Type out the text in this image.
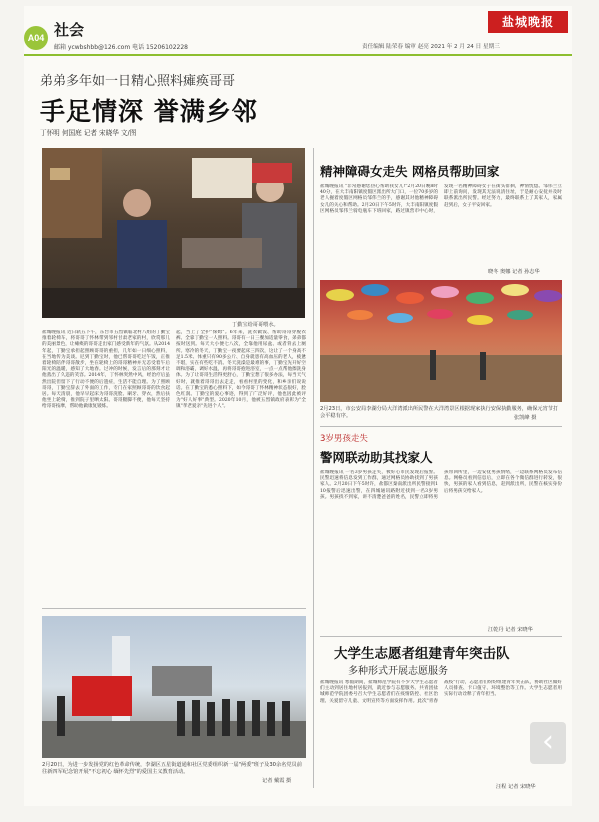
A04 社会
邮箱 ycwbshbb@126.com 电话 15206102228
盐城晚报
责任编辑 陆荣春 编审 赵亮 2021 年 2 月 24 日 星期三
弟弟多年如一日精心照料瘫痪哥哥
手足情深 誉满乡邻
丁怀明 何国庭 记者 宋晓华 文/图
丁勤宝给哥哥喂水。
盐城晚报讯 近日轨五下午，东台市五烈镇临北村八组的丁勤宝推着轮椅车，将哥哥丁怀林带到邻村甘肃老家的村，欣赏那儿的美丽景色，让瘫痪的哥哥走出家门感受新年的气氛。从2014年起，丁勤宝承担起照顾哥哥的重担，几年如一日细心照料，在当地传为美谈。尼到丁勤宝时，他已帮哥哥吃过午饭，正推着轮椅陪伴哥哥散步，坐在轮椅上的哥哥精神并无恙受着午后阳光的温暖，感知了大地春。过冲的时候，发言后的那刻才让他蒸出了久违的笑容。2014年，丁怀林突然中风，经治疗后虽然出院但留下了行动不便的后遗症，生活不能自理。为了照顾哥哥，丁勤宝辞去了外面的工作，专门在家照顾哥哥的饮食起居。每天清晨，他早早起床为哥哥洗脸、刷牙、穿衣，然后扶他坐上轮椅，推到院子里晒太阳。哥哥腿脚不便，他每天坚持给哥哥按摩，帮助他做康复锻炼。
起，当上了全护"保姆"。6年来，洗衣做饭、帮助哥哥穿脱衣裤、全靠丁勤宝一人照料。哥哥有一日三餐加适量零食，弟弟都按时送到。每天大小便七八次，全靠他用尿盆、或者背去上厕所。寒冷的冬天，丁勤宝一夜要起床三四次，这让了一个身高不足1.5米、体重只有90多公斤、自身就患有高血压的老人，疲惫不堪，实在有些吃不消。冬天洗澡是最难的事，丁勤宝先开好空调和浴霸，调好水温，再将哥哥抱进浴室，一点一点帮他擦洗身体。为了让哥哥生活得更舒心，丁勤宝想了很多办法，每当天气好时，就推着哥哥出去走走，看看村里的变化，和乡亲们说说话。在丁勤宝的悉心照料下，如今哥哥丁怀林精神状态很好，脸色红润。丁勤宝的爱心事迹，得到了广泛好评，他也因此被评为"好人好事"典型。2020年10月，他被五烈镇政府表彰为"全镇"孝老爱亲"先进个人"。
2月20日，为进一步发扬党的红色革命传统，李湖区五星街道通和社区党委组织新一届"两委"班子及30余名党员前往新四军纪念馆开展"不忘初心 缅怀先烈"的爱国主义教育活动。
记者 戴霞 摄
精神障碍女走失 网格员帮助回家
盐城晚报讯 "非常感谢您热心帮助我女儿!"2月20日晚8时40分，在大丰南阳镇度假区派出所大门口，一位70多岁的老人握着度假区网格员邹伟兰的手，感谢其对他精神障碍女儿的关心和帮助。2月20日下午5时许，大丰南阳镇度假区网格员邹伟兰骑电瓶车下班回家，路过镇营市中心时，发现一名精神障碍女子在街头徘徊，神情恍惚。邹伟兰立即上前询问，发现其无法说清住址，于是耐心安抚并及时联系派出所民警。经过努力，最终联系上了其家人，家属赶到后，女子平安回家。
晓冬 奥娜 记者 孙志华
2月23日，市公安局李湖分局大洋湾派出所民警在大洋湾景区根据现家执行安保执勤服务，确保元宵节打会平稳有序。	张凯峰 摄
3岁男孩走失
警网联动助其找家人
盐城晚报讯 一名3岁男孩走失，被好心市民发现后报警。民警迅速将信息发到工作群，通过网格员协助找到了男孩家人。2月20日下午5时许，盐都区秦南派出所民警接到110报警后迅速出警，在四城通讯路附近找到一名3岁男孩。男孩找不到家，讲不清楚爸爸的姓名，民警立即将男孩带回所里，一边安抚男孩情绪，一边联系网格员发布信息。网格员看到信息后，立即在各个微信群进行转发，很快，男孩的家人看到信息，赶到派出所，民警在核实身份后将男孩交给家人。
江乾丹 记者 宋晓华
大学生志愿者组建青年突击队
多种形式开展志愿服务
盐城晚报讯 寒假期间，盐城师范学院有不少大学生志愿者们主动到居住地村居报到，就近参与志愿服务。共青团盐城师范学院团委号召大学生志愿者们在疫情防控、社区治理、关爱留守儿童、文明宣传等方面发挥作用。此次"青春战疫"行动，志愿者们纷纷组建青年突击队，协助社区做好人员排查、卡口值守、环境整治等工作。大学生志愿者用实际行动诠释了青年担当。
汪程 记者 宋晓华
‹
